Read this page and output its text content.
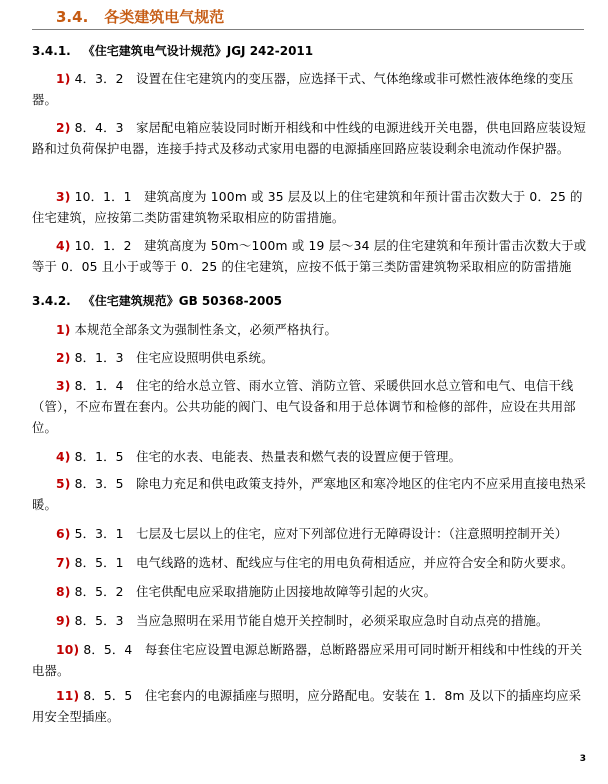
3.4. 各类建筑电气规范
3.4.1. 《住宅建筑电气设计规范》JGJ 242-2011
1) 4．3．2　设置在住宅建筑内的变压器，应选择干式、气体绝缘或非可燃性液体绝缘的变压器。
2) 8．4．3　家居配电箱应装设同时断开相线和中性线的电源进线开关电器，供电回路应装设短路和过负荷保护电器，连接手持式及移动式家用电器的电源插座回路应装设剩余电流动作保护器。
3) 10．1．1　建筑高度为 100m 或 35 层及以上的住宅建筑和年预计雷击次数大于 0．25 的住宅建筑，应按第二类防雷建筑物采取相应的防雷措施。
4) 10．1．2　建筑高度为 50m～100m 或 19 层～34 层的住宅建筑和年预计雷击次数大于或等于 0．05 且小于或等于 0．25 的住宅建筑，应按不低于第三类防雷建筑物采取相应的防雷措施
3.4.2. 《住宅建筑规范》GB 50368-2005
1) 本规范全部条文为强制性条文，必须严格执行。
2) 8．1．3　住宅应设照明供电系统。
3) 8．1．4　住宅的给水总立管、雨水立管、消防立管、采暖供回水总立管和电气、电信干线（管），不应布置在套内。公共功能的阀门、电气设备和用于总体调节和检修的部件，应设在共用部位。
4) 8．1．5　住宅的水表、电能表、热量表和燃气表的设置应便于管理。
5) 8．3．5　除电力充足和供电政策支持外，严寒地区和寒冷地区的住宅内不应采用直接电热采暖。
6) 5．3．1　七层及七层以上的住宅，应对下列部位进行无障碍设计：（注意照明控制开关）
7) 8．5．1　电气线路的选材、配线应与住宅的用电负荷相适应，并应符合安全和防火要求。
8) 8．5．2　住宅供配电应采取措施防止因接地故障等引起的火灾。
9) 8．5．3　当应急照明在采用节能自熄开关控制时，必须采取应急时自动点亮的措施。
10) 8．5．4　每套住宅应设置电源总断路器，总断路器应采用可同时断开相线和中性线的开关电器。
11) 8．5．5　住宅套内的电源插座与照明，应分路配电。安装在 1．8m 及以下的插座均应采用安全型插座。
3
